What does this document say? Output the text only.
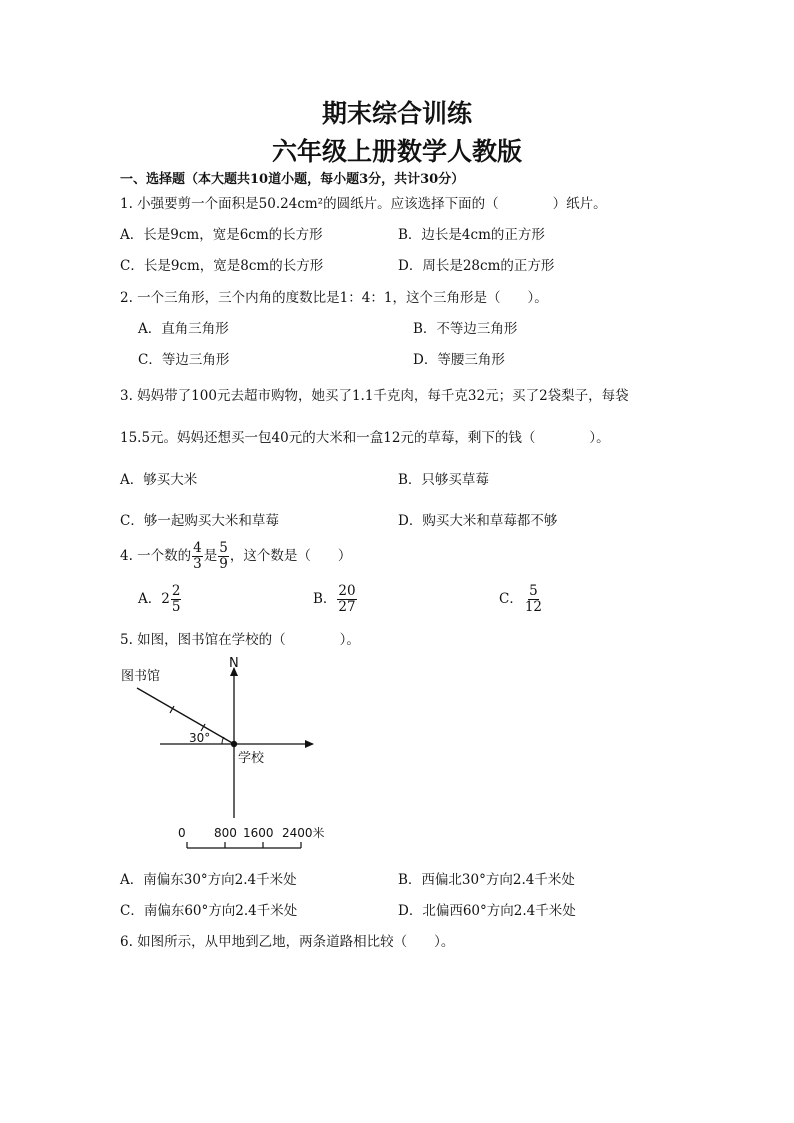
期末综合训练
六年级上册数学人教版
一、选择题（本大题共10道小题，每小题3分，共计30分）
1. 小强要剪一个面积是50.24cm²的圆纸片。应该选择下面的（　　　　）纸片。
A．长是9cm，宽是6cm的长方形	B．边长是4cm的正方形
C．长是9cm，宽是8cm的长方形	D．周长是28cm的正方形
2. 一个三角形，三个内角的度数比是1：4：1，这个三角形是（　　）。
A．直角三角形	B．不等边三角形
C．等边三角形	D．等腰三角形
3. 妈妈带了100元去超市购物，她买了1.1千克肉，每千克32元；买了2袋梨子，每袋
15.5元。妈妈还想买一包40元的大米和一盒12元的草莓，剩下的钱（　　　　）。
A．够买大米	B．只够买草莓
C．够一起购买大米和草莓	D．购买大米和草莓都不够
4. 一个数的 $\frac{4}{3}$ 是 $\frac{5}{9}$ ，这个数是（　　）
A．$2 \frac{2}{5}$	B． $\frac{20}{27}$	C． $\frac{5}{12}$
5. 如图，图书馆在学校的（　　　　）。
N
图书馆
30°
学校
0 800 1600 2400米
A．南偏东30°方向2.4千米处	B．西偏北30°方向2.4千米处
C．南偏东60°方向2.4千米处	D．北偏西60°方向2.4千米处
6. 如图所示，从甲地到乙地，两条道路相比较（　　）。
